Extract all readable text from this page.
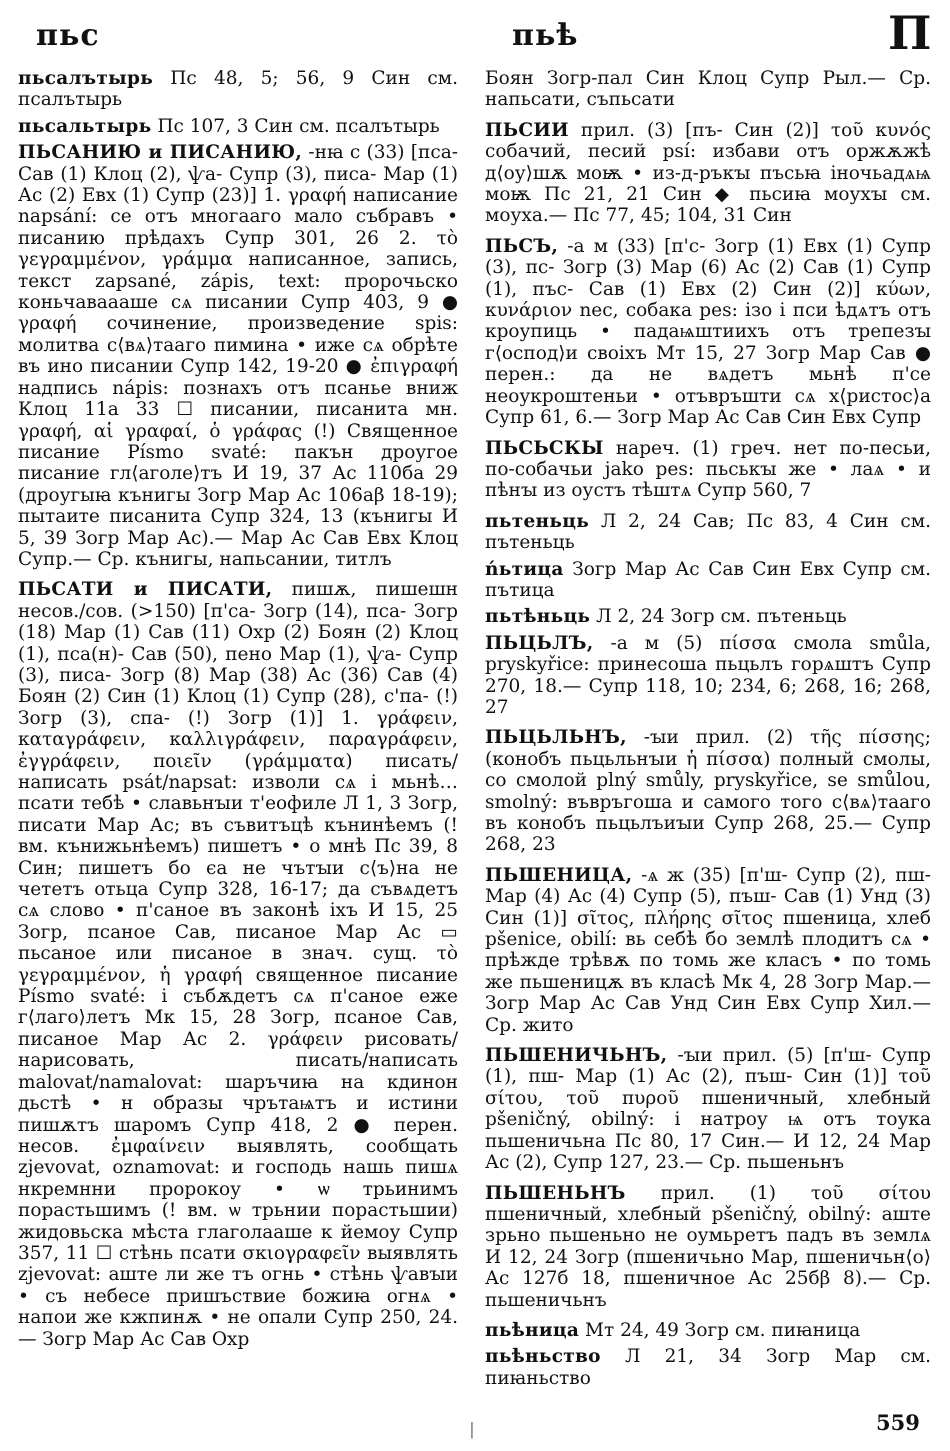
пьс	пьѣ	П

пьсалътырь Пс 48, 5; 56, 9 Син см. псалътырь

пьсальтырь Пс 107, 3 Син см. псалътырь

ПЬСАНИЮ и ПИСАНИЮ, -нꙗ с (33) [пса- Сав (1) Клоц (2), ѱа- Супр (3), писа- Мар (1) Ас (2) Евх (1) Супр (23)] 1. γραφή написание napsání: се отъ многааго мало събравъ • писанию прѣдахъ Супр 301, 26 2. τὸ γεγραμμένον, γράμμα написанное, запись, текст zapsané, zápis, text: пророчьско коньчаваааше сѧ писании Супр 403, 9 ● γραφή сочинение, произведение spis: молитва с⟨вѧ⟩таагo пимина • иже сѧ обрѣте въ ино писании Супр 142, 19-20 ● ἐπιγραφή надпись nápis: познахъ отъ псанье вниж Клоц 11а 33 ☐ писании, писанита мн. γραφή, αἱ γραφαί, ὁ γράφας (!) Священное писание Písmo svaté: пакън дроугое писание гл⟨аголе⟩тъ И 19, 37 Ас 110ба 29 (дроугыꙗ кънигы Зогр Мар Ас 106аβ 18-19); пытаите писанита Супр 324, 13 (кънигы И 5, 39 Зогр Мар Ас).— Мар Ас Сав Евх Клоц Супр.— Ср. кънигы, напьсании, титлъ

ПЬСАТИ и ПИСАТИ, пишѫ, пишешн несов./сов. (>150) [п'са- Зогр (14), пса- Зогр (18) Мар (1) Сав (11) Охр (2) Боян (2) Клоц (1), пса(н)- Сав (50), пено Мар (1), ѱа- Супр (3), писа- Зогр (8) Мар (38) Ас (36) Сав (4) Боян (2) Син (1) Клоц (1) Супр (28), с'па- (!) Зогр (3), спа- (!) Зогр (1)] 1. γράφειν, καταγράφειν, καλλιγράφειν, παραγράφειν, ἐγγράφειν, ποιεῖν (γράμματα) писать/написать psát/napsat: изволи сѧ і мьнѣ… псати тебѣ • славьнꙑи т'еофиле Л 1, 3 Зогр, писати Мар Ас; въ съвитъцѣ кънинѣемъ (! вм. кънижьнѣемъ) пишетъ • о мнѣ Пс 39, 8 Син; пишетъ бо єа не чътꙑи с⟨ъ⟩на не чететъ отьца Супр 328, 16-17; да съвѧдетъ сѧ слово • п'саное въ законѣ іхъ И 15, 25 Зогр, псаное Сав, писаное Мар Ас ▭ пьсаное или писаное в знач. сущ. τὸ γεγραμμένον, ἡ γραφή священное писание Písmo svaté: і събѫдетъ сѧ п'саное еже г⟨лаго⟩летъ Мк 15, 28 Зогр, псаное Сав, писаное Мар Ас 2. γράφειν рисовать/нарисовать, писать/написать malovat/namalovat: шаръчиꙗ на кдинон дьстѣ • н образы чрътаѩтъ и истини пишѫтъ шаромъ Супр 418, 2 ● перен. несов. ἐμφαίνειν выявлять, сообщать zjevovat, oznamovat: и господь нашь пишѧ нкремнни пророкоу • ѡ трьинимъ порастьшимъ (! вм. ѡ трьнии порастьшии) жидовьска мѣста глаголааше к йемоу Супр 357, 11 ☐ стѣнь псати σκιογραφεῖν выявлять zjevovat: аште ли же тъ огнь • стѣнь ѱавꙑи • съ небесе пришъствие божиꙗ огнѧ • напои же кжпинѫ • не опали Супр 250, 24.— Зогр Мар Ас Сав Охр

Боян Зогр-пал Син Клоц Супр Рыл.— Ср. напьсати, съпьсати

ПЬСИИ прил. (3) [пъ- Син (2)] τοῦ κυνός собачий, песий psí: избави отъ оржѫжѣ д⟨оу⟩шѫ моѭ • из-д-ръкꙑ пъсьꙗ іночьадѧѩ моѭ Пс 21, 21 Син ◆ пьсиꙗ моухꙑ см. моуха.— Пс 77, 45; 104, 31 Син

ПЬСЪ, -а м (33) [п'с- Зогр (1) Евх (1) Супр (3), пс- Зогр (3) Мар (6) Ас (2) Сав (1) Супр (1), пъс- Сав (1) Евх (2) Син (2)] κύων, κυνάριον nec, собака pes: ізо і пси ѣдѧтъ отъ кроупиць • падаѩштиихъ отъ трепезꙑ г⟨оспод⟩и своіхъ Мт 15, 27 Зогр Мар Сав ● перен.: да не вѧдетъ мьнѣ п'се неоукроштеньи • отъвръшти сѧ х⟨ристос⟩а Супр 61, 6.— Зогр Мар Ас Сав Син Евх Супр

ПЬСЬСКЫ нареч. (1) греч. нет по-песьи, по-собачьи jako pes: пьськꙑ же • лаѧ • и пѣнꙑ из оустъ тѣштѧ Супр 560, 7

пьтеньць Л 2, 24 Сав; Пс 83, 4 Син см. пътеньць

ńьтица Зогр Мар Ас Сав Син Евх Супр см. пътица

пьтѣньць Л 2, 24 Зогр см. пътеньць

ПЬЦЬЛЪ, -а м (5) πίσσα смола smůla, pryskyřice: принесоша пьцьлъ горѧштъ Супр 270, 18.— Супр 118, 10; 234, 6; 268, 16; 268, 27

ПЬЦЬЛЬНЪ, -ꙑи прил. (2) τῆς πίσσης; (конобъ пьцьльнꙑи ἡ πίσσα) полный смолы, со смолой plný smůly, pryskyřice, se smůlou, smolný: въвръгоша и самого того с⟨вѧ⟩тааго въ конобъ пьцьлъиꙑи Супр 268, 25.— Супр 268, 23

ПЬШЕНИЦА, -ѧ ж (35) [п'ш- Супр (2), пш- Мар (4) Ас (4) Супр (5), пъш- Сав (1) Унд (3) Син (1)] σῖτος, πλήρης σῖτος пшеница, хлеб pšenice, obilí: вь себѣ бо землѣ плодитъ сѧ • прѣжде трѣвѫ по томь же класъ • по томь же пьшеницѫ въ класѣ Мк 4, 28 Зогр Мар.— Зогр Мар Ас Сав Унд Син Евх Супр Хил.— Ср. жито

ПЬШЕНИЧЬНЪ, -ꙑи прил. (5) [п'ш- Супр (1), пш- Мар (1) Ас (2), пъш- Син (1)] τοῦ σίτου, τοῦ πυροῦ пшеничный, хлебный pšeničný, obilný: і натроу ѩ отъ тоука пьшеничьна Пс 80, 17 Син.— И 12, 24 Мар Ас (2), Супр 127, 23.— Ср. пьшеньнъ

ПЬШЕНЬНЪ прил. (1) τοῦ σίτου пшеничный, хлебный pšeničný, obilný: аште зрьно пьшеньно не оумьретъ падъ въ землѧ И 12, 24 Зогр (пшеничьно Мар, пшеничьн⟨о⟩ Ас 127б 18, пшеничное Ас 25бβ 8).— Ср. пьшеничьнъ

пьѣница Мт 24, 49 Зогр см. пиꙗница

пьѣньство Л 21, 34 Зогр Мар см. пиꙗньство

׀	559
